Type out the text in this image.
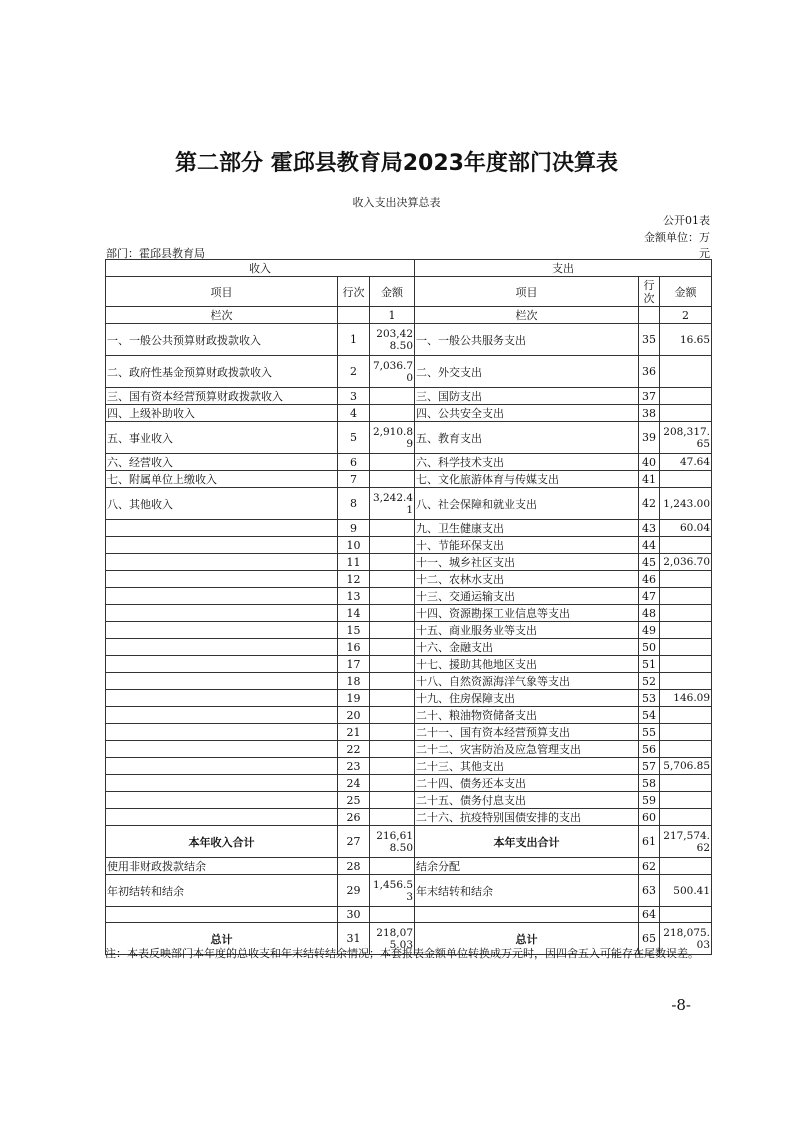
第二部分 霍邱县教育局2023年度部门决算表
收入支出决算总表
公开01表
金额单位：万
元
部门：霍邱县教育局
收入			支出		
项目	行次	金额	项目	行
次	金额
栏次		1	栏次		2
一、一般公共预算财政拨款收入	1	203,428.50	一、一般公共服务支出	35	16.65
二、政府性基金预算财政拨款收入	2	7,036.70	二、外交支出	36	
三、国有资本经营预算财政拨款收入	3		三、国防支出	37	
四、上级补助收入	4		四、公共安全支出	38	
五、事业收入	5	2,910.89	五、教育支出	39	208,317.65
六、经营收入	6		六、科学技术支出	40	47.64
七、附属单位上缴收入	7		七、文化旅游体育与传媒支出	41	
八、其他收入	8	3,242.41	八、社会保障和就业支出	42	1,243.00
	9		九、卫生健康支出	43	60.04
	10		十、节能环保支出	44	
	11		十一、城乡社区支出	45	2,036.70
	12		十二、农林水支出	46	
	13		十三、交通运输支出	47	
	14		十四、资源勘探工业信息等支出	48	
	15		十五、商业服务业等支出	49	
	16		十六、金融支出	50	
	17		十七、援助其他地区支出	51	
	18		十八、自然资源海洋气象等支出	52	
	19		十九、住房保障支出	53	146.09
	20		二十、粮油物资储备支出	54	
	21		二十一、国有资本经营预算支出	55	
	22		二十二、灾害防治及应急管理支出	56	
	23		二十三、其他支出	57	5,706.85
	24		二十四、债务还本支出	58	
	25		二十五、债务付息支出	59	
	26		二十六、抗疫特别国债安排的支出	60	
本年收入合计	27	216,618.50	本年支出合计	61	217,574.62
使用非财政拨款结余	28		结余分配	62	
年初结转和结余	29	1,456.53	年末结转和结余	63	500.41
	30			64	
总计	31	218,075.03	总计	65	218,075.03
注：本表反映部门本年度的总收支和年末结转结余情况；本套报表金额单位转换成万元时，因四舍五入可能存在尾数误差。
-8-
